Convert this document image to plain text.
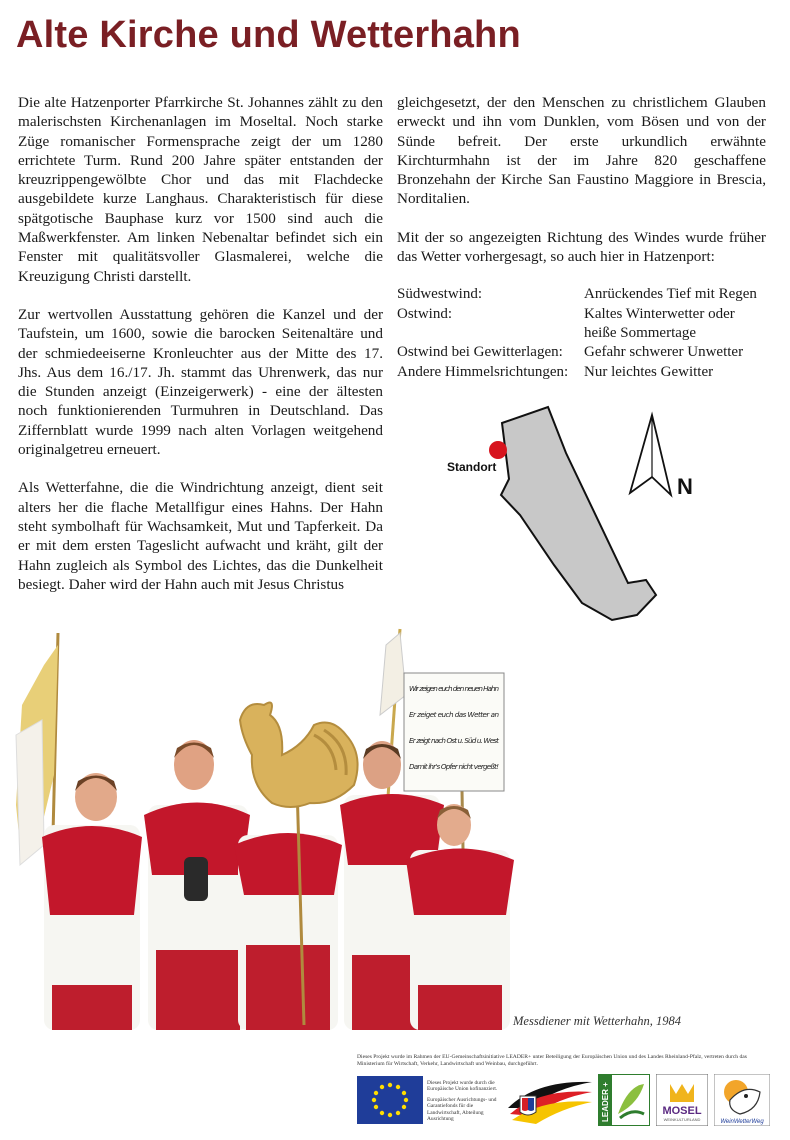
Alte Kirche und Wetterhahn

Die alte Hatzenporter Pfarrkirche St. Johannes zählt zu den malerischsten Kirchenanlagen im Moseltal. Noch starke Züge romanischer Formensprache zeigt der um 1280 errichtete Turm. Rund 200 Jahre später entstanden der kreuzrippengewölbte Chor und das mit Flachdecke ausgebildete kurze Langhaus. Charakteristisch für diese spätgotische Bauphase kurz vor 1500 sind auch die Maßwerkfenster. Am linken Nebenaltar befindet sich ein Fenster mit qualitätsvoller Glasmalerei, welche die Kreuzigung Christi darstellt.

Zur wertvollen Ausstattung gehören die Kanzel und der Taufstein, um 1600, sowie die barocken Seitenaltäre und der schmiedeeiserne Kronleuchter aus der Mitte des 17. Jhs. Aus dem 16./17. Jh. stammt das Uhrenwerk, das nur die Stunden anzeigt (Einzeigerwerk) - eine der ältesten noch funktionierenden Turmuhren in Deutschland. Das Ziffernblatt wurde 1999 nach alten Vorlagen weitgehend originalgetreu erneuert.

Als Wetterfahne, die die Windrichtung anzeigt, dient seit alters her die flache Metallfigur eines Hahns. Der Hahn steht symbolhaft für Wachsamkeit, Mut und Tapferkeit. Da er mit dem ersten Tageslicht aufwacht und kräht, gilt der Hahn zugleich als Symbol des Lichtes, das die Dunkelheit besiegt. Daher wird der Hahn auch mit Jesus Christus

gleichgesetzt, der den Menschen zu christlichem Glauben erweckt und ihn vom Dunklen, vom Bösen und von der Sünde befreit. Der erste urkundlich erwähnte Kirchturmhahn ist der im Jahre 820 geschaffene Bronzehahn der Kirche San Faustino Maggiore in Brescia, Norditalien.

Mit der so angezeigten Richtung des Windes wurde früher das Wetter vorhergesagt, so auch hier in Hatzenport:

Südwestwind:	Anrückendes Tief mit Regen
Ostwind:	Kaltes Winterwetter oder heiße Sommertage
Ostwind bei Gewitterlagen:	Gefahr schwerer Unwetter
Andere Himmelsrichtungen:	Nur leichtes Gewitter
Standort
N
Wir zeigen euch den neuen Hahn
Er zeiget euch das Wetter an
Er zeigt nach Ost u. Süd u. West
Damit ihr's Opfer nicht vergeßt!
Messdiener mit Wetterhahn, 1984
Dieses Projekt wurde im Rahmen der EU-Gemeinschaftsinitiative LEADER+ unter Beteiligung der Europäischen Union und des Landes Rheinland-Pfalz, vertreten durch das Ministerium für Wirtschaft, Verkehr, Landwirtschaft und Weinbau, durchgeführt.
Dieses Projekt wurde durch die Europäische Union kofinanziert.
Europäischer Ausrichtungs- und Garantiefonds für die Landwirtschaft, Abteilung Ausrichtung	LEADER +	MOSEL
WEINKULTURLAND	WeinWetterWeg
